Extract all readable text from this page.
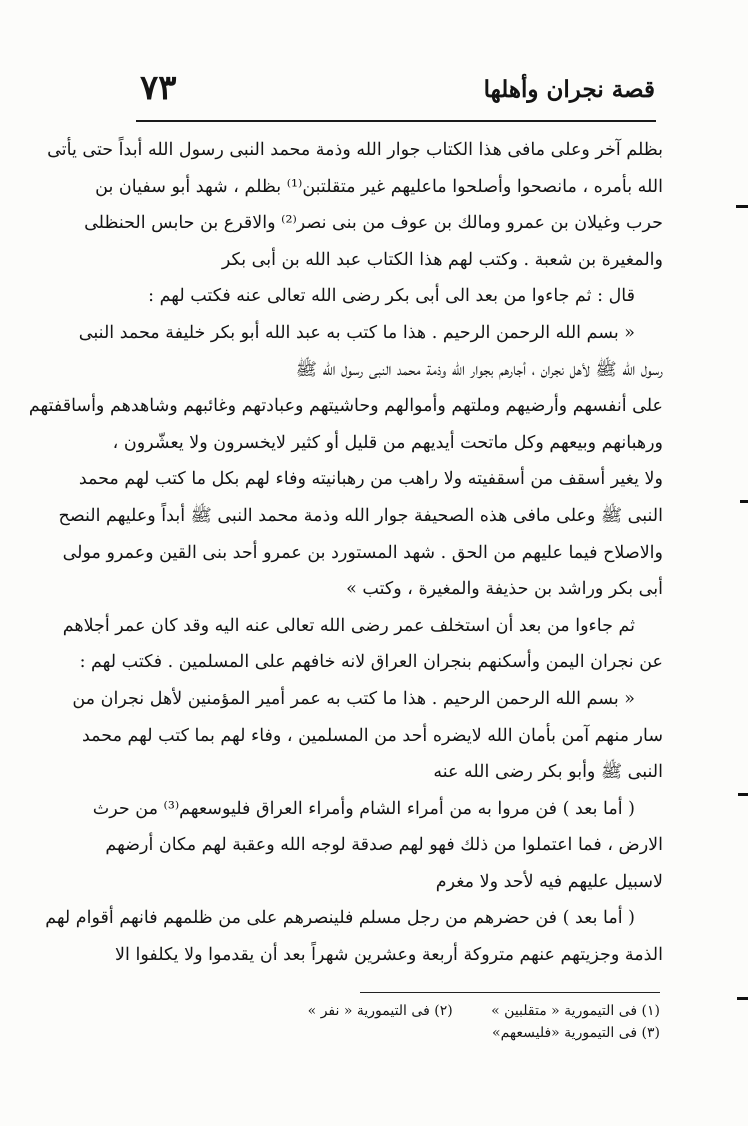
قصة نجران وأهلها
٧٣
بظلم آخر وعلى مافى هذا الكتاب جوار الله وذمة محمد النبى رسول الله أبداً حتى يأتى
الله بأمره ، مانصحوا وأصلحوا ماعليهم غير متقلتبن⁽¹⁾ بظلم ، شهد أبو سفيان بن
حرب وغيلان بن عمرو ومالك بن عوف من بنى نصر⁽²⁾ والاقرع بن حابس الحنظلى
والمغيرة بن شعبة . وكتب لهم هذا الكتاب عبد الله بن أبى بكر
قال : ثم جاءوا من بعد الى أبى بكر رضى الله تعالى عنه فكتب لهم :
« بسم الله الرحمن الرحيم . هذا ما كتب به عبد الله أبو بكر خليفة محمد النبى
رسول الله ﷺ لأهل نجران ، أجارهم بجوار الله وذمة محمد النبى رسول الله ﷺ
على أنفسهم وأرضيهم وملتهم وأموالهم وحاشيتهم وعبادتهم وغائبهم وشاهدهم وأساقفتهم
ورهبانهم وبيعهم وكل ماتحت أيديهم من قليل أو كثير لايخسرون ولا يعشّرون ،
ولا يغير أسقف من أسقفيته ولا راهب من رهبانيته وفاء لهم بكل ما كتب لهم محمد
النبى ﷺ وعلى مافى هذه الصحيفة جوار الله وذمة محمد النبى ﷺ أبداً وعليهم النصح
والاصلاح فيما عليهم من الحق . شهد المستورد بن عمرو أحد بنى القين وعمرو مولى
أبى بكر وراشد بن حذيفة والمغيرة ، وكتب »
ثم جاءوا من بعد أن استخلف عمر رضى الله تعالى عنه اليه وقد كان عمر أجلاهم
عن نجران اليمن وأسكنهم بنجران العراق لانه خافهم على المسلمين . فكتب لهم :
« بسم الله الرحمن الرحيم . هذا ما كتب به عمر أمير المؤمنين لأهل نجران من
سار منهم آمن بأمان الله لايضره أحد من المسلمين ، وفاء لهم بما كتب لهم محمد
النبى ﷺ وأبو بكر رضى الله عنه
( أما بعد ) فن مروا به من أمراء الشام وأمراء العراق فليوسعهم⁽³⁾ من حرث
الارض ، فما اعتملوا من ذلك فهو لهم صدقة لوجه الله وعقبة لهم مكان أرضهم
لاسبيل عليهم فيه لأحد ولا مغرم
( أما بعد ) فن حضرهم من رجل مسلم فلينصرهم على من ظلمهم فانهم أقوام لهم
الذمة وجزيتهم عنهم متروكة أربعة وعشرين شهراً بعد أن يقدموا ولا يكلفوا الا
(١) فى التيمورية « متقلبين » (٢) فى التيمورية « نفر »
(٣) فى التيمورية «فليسعهم»
